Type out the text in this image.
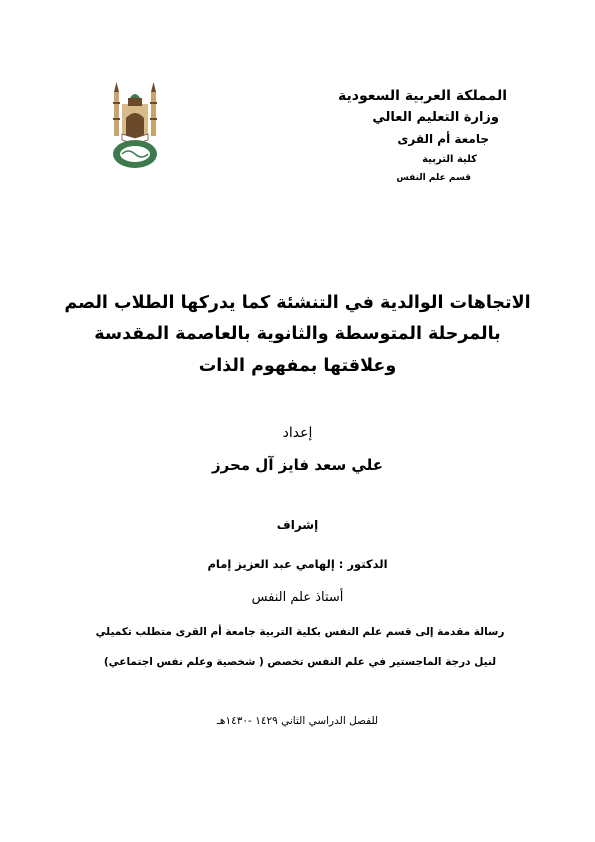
المملكة العربية السعودية
وزارة التعليم العالي
جامعة أم القرى
كلية التربية
قسم علم النفس
الاتجاهات الوالدية في التنشئة كما يدركها الطلاب الصم
بالمرحلة المتوسطة والثانوية بالعاصمة المقدسة
وعلاقتها بمفهوم الذات
إعداد
علي سعد فايز آل محرز
إشراف
الدكتور : إلهامي عبد العزيز إمام
أستاذ علم النفس
رسالة مقدمة إلى قسم علم النفس بكلية التربية جامعة أم القرى متطلب تكميلي
لنيل درجة الماجستير في علم النفس تخصص ( شخصية وعلم نفس اجتماعي)
للفصل الدراسي الثاني ١٤٢٩ -١٤٣٠هـ
